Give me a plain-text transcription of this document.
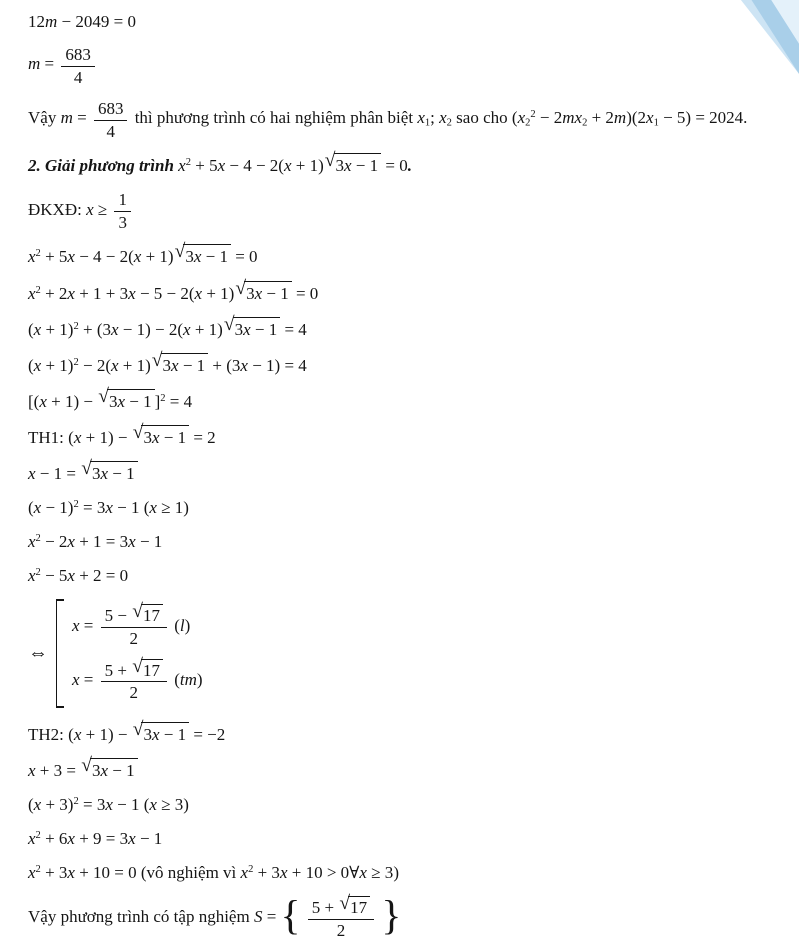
12m − 2049 = 0
$m = \frac{683}{4}$
Vậy $m = \frac{683}{4}$ thì phương trình có hai nghiệm phân biệt $x_1$; $x_2$ sao cho $(x_2^2 - 2mx_2 + 2m)(2x_1 - 5) = 2024$.
2. Giải phương trình $x^2 + 5x - 4 - 2(x + 1)√3x - 1 = 0$.
ĐKXĐ: $x \ge \frac{1}{3}$
$x^2 + 5x - 4 - 2(x + 1)√3x - 1 = 0$
$x^2 + 2x + 1 + 3x - 5 - 2(x + 1)√3x - 1 = 0$
$(x + 1)^2 + (3x - 1) - 2(x + 1)√3x - 1 = 4$
$(x + 1)^2 - 2(x + 1)√3x - 1 + (3x - 1) = 4$
[(x + 1) − √3x − 1 ]$^2$ = 4
TH1: (x + 1) − √3x − 1 = 2
x − 1 = √3x − 1
$(x - 1)^2 = 3x - 1$ (x ≥ 1)
$x^2 - 2x + 1 = 3x - 1$
$x^2 - 5x + 2 = 0$
⇔
$x = \frac{5 - √17}{2} (l)$
$x = \frac{5 + √17}{2} (tm)$
TH2: (x + 1) − √3x − 1 = −2
x + 3 = √3x − 1
$(x + 3)^2 = 3x - 1$ (x ≥ 3)
$x^2 + 6x + 9 = 3x - 1$
$x^2 + 3x + 10 = 0$ (vô nghiệm vì $x^2 + 3x + 10$ > 0∀x ≥ 3)
Vậy phương trình có tập nghiệm S = { $\frac{5 + √17}{2}$ }
